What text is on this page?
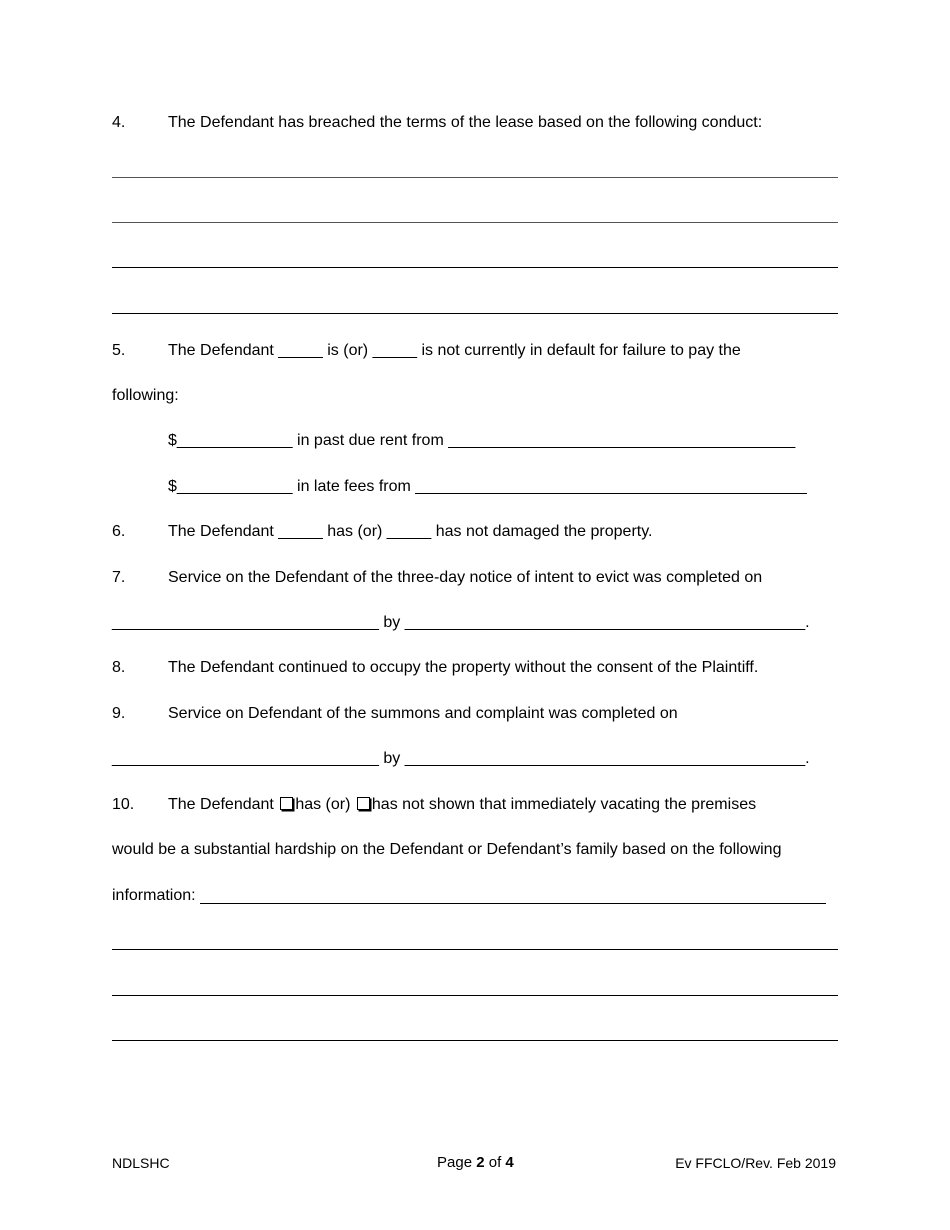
4.	The Defendant has breached the terms of the lease based on the following conduct:
5.	The Defendant _____ is (or) _____ is not currently in default for failure to pay the
following:
$_____________ in past due rent from _______________________________________
$_____________ in late fees from ____________________________________________
6.	The Defendant _____ has (or) _____ has not damaged the property.
7.	Service on the Defendant of the three-day notice of intent to evict was completed on
______________________________ by _____________________________________________.
8.	The Defendant continued to occupy the property without the consent of the Plaintiff.
9.	Service on Defendant of the summons and complaint was completed on
______________________________ by _____________________________________________.
10. The Defendant has (or) has not shown that immediately vacating the premises
would be a substantial hardship on the Defendant or Defendant’s family based on the following
information:
NDLSHC	Page 2 of 4	Ev FFCLO/Rev. Feb 2019
